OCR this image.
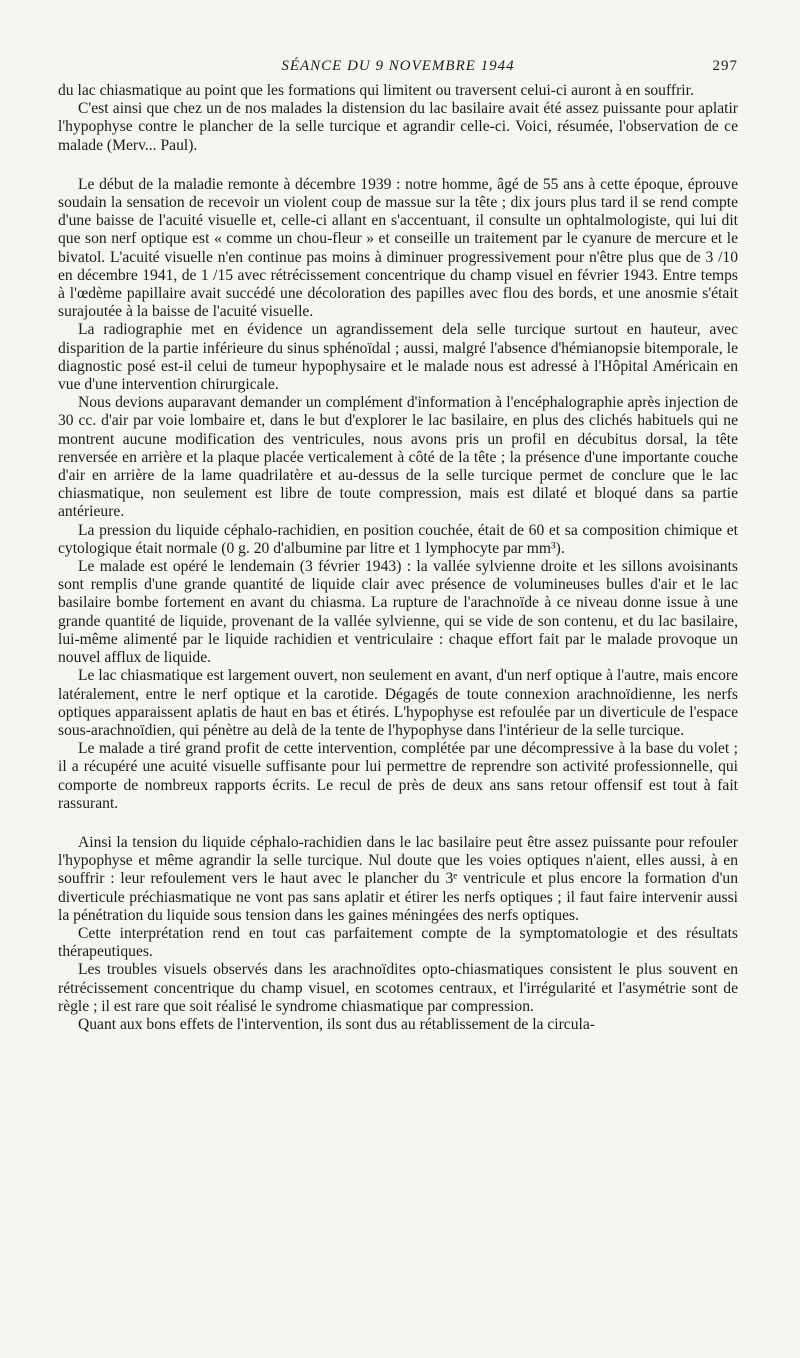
SÉANCE DU 9 NOVEMBRE 1944	297

du lac chiasmatique au point que les formations qui limitent ou traversent celui-ci auront à en souffrir.

C'est ainsi que chez un de nos malades la distension du lac basilaire avait été assez puissante pour aplatir l'hypophyse contre le plancher de la selle turcique et agrandir celle-ci. Voici, résumée, l'observation de ce malade (Merv... Paul).

Le début de la maladie remonte à décembre 1939 : notre homme, âgé de 55 ans à cette époque, éprouve soudain la sensation de recevoir un violent coup de massue sur la tête ; dix jours plus tard il se rend compte d'une baisse de l'acuité visuelle et, celle-ci allant en s'accentuant, il consulte un ophtalmologiste, qui lui dit que son nerf optique est « comme un chou-fleur » et conseille un traitement par le cyanure de mercure et le bivatol. L'acuité visuelle n'en continue pas moins à diminuer progressivement pour n'être plus que de 3 /10 en décembre 1941, de 1 /15 avec rétrécissement concentrique du champ visuel en février 1943. Entre temps à l'œdème papillaire avait succédé une décoloration des papilles avec flou des bords, et une anosmie s'était surajoutée à la baisse de l'acuité visuelle.

La radiographie met en évidence un agrandissement dela selle turcique surtout en hauteur, avec disparition de la partie inférieure du sinus sphénoïdal ; aussi, malgré l'absence d'hémianopsie bitemporale, le diagnostic posé est-il celui de tumeur hypophysaire et le malade nous est adressé à l'Hôpital Américain en vue d'une intervention chirurgicale.

Nous devions auparavant demander un complément d'information à l'encéphalographie après injection de 30 cc. d'air par voie lombaire et, dans le but d'explorer le lac basilaire, en plus des clichés habituels qui ne montrent aucune modification des ventricules, nous avons pris un profil en décubitus dorsal, la tête renversée en arrière et la plaque placée verticalement à côté de la tête ; la présence d'une importante couche d'air en arrière de la lame quadrilatère et au-dessus de la selle turcique permet de conclure que le lac chiasmatique, non seulement est libre de toute compression, mais est dilaté et bloqué dans sa partie antérieure.

La pression du liquide céphalo-rachidien, en position couchée, était de 60 et sa composition chimique et cytologique était normale (0 g. 20 d'albumine par litre et 1 lymphocyte par mm³).

Le malade est opéré le lendemain (3 février 1943) : la vallée sylvienne droite et les sillons avoisinants sont remplis d'une grande quantité de liquide clair avec présence de volumineuses bulles d'air et le lac basilaire bombe fortement en avant du chiasma. La rupture de l'arachnoïde à ce niveau donne issue à une grande quantité de liquide, provenant de la vallée sylvienne, qui se vide de son contenu, et du lac basilaire, lui-même alimenté par le liquide rachidien et ventriculaire : chaque effort fait par le malade provoque un nouvel afflux de liquide.

Le lac chiasmatique est largement ouvert, non seulement en avant, d'un nerf optique à l'autre, mais encore latéralement, entre le nerf optique et la carotide. Dégagés de toute connexion arachnoïdienne, les nerfs optiques apparaissent aplatis de haut en bas et étirés. L'hypophyse est refoulée par un diverticule de l'espace sous-arachnoïdien, qui pénètre au delà de la tente de l'hypophyse dans l'intérieur de la selle turcique.

Le malade a tiré grand profit de cette intervention, complétée par une décompressive à la base du volet ; il a récupéré une acuité visuelle suffisante pour lui permettre de reprendre son activité professionnelle, qui comporte de nombreux rapports écrits. Le recul de près de deux ans sans retour offensif est tout à fait rassurant.

Ainsi la tension du liquide céphalo-rachidien dans le lac basilaire peut être assez puissante pour refouler l'hypophyse et même agrandir la selle turcique. Nul doute que les voies optiques n'aient, elles aussi, à en souffrir : leur refoulement vers le haut avec le plancher du 3ᵉ ventricule et plus encore la formation d'un diverticule préchiasmatique ne vont pas sans aplatir et étirer les nerfs optiques ; il faut faire intervenir aussi la pénétration du liquide sous tension dans les gaines méningées des nerfs optiques.

Cette interprétation rend en tout cas parfaitement compte de la symptomatologie et des résultats thérapeutiques.

Les troubles visuels observés dans les arachnoïdites opto-chiasmatiques consistent le plus souvent en rétrécissement concentrique du champ visuel, en scotomes centraux, et l'irrégularité et l'asymétrie sont de règle ; il est rare que soit réalisé le syndrome chiasmatique par compression.

Quant aux bons effets de l'intervention, ils sont dus au rétablissement de la circula-
